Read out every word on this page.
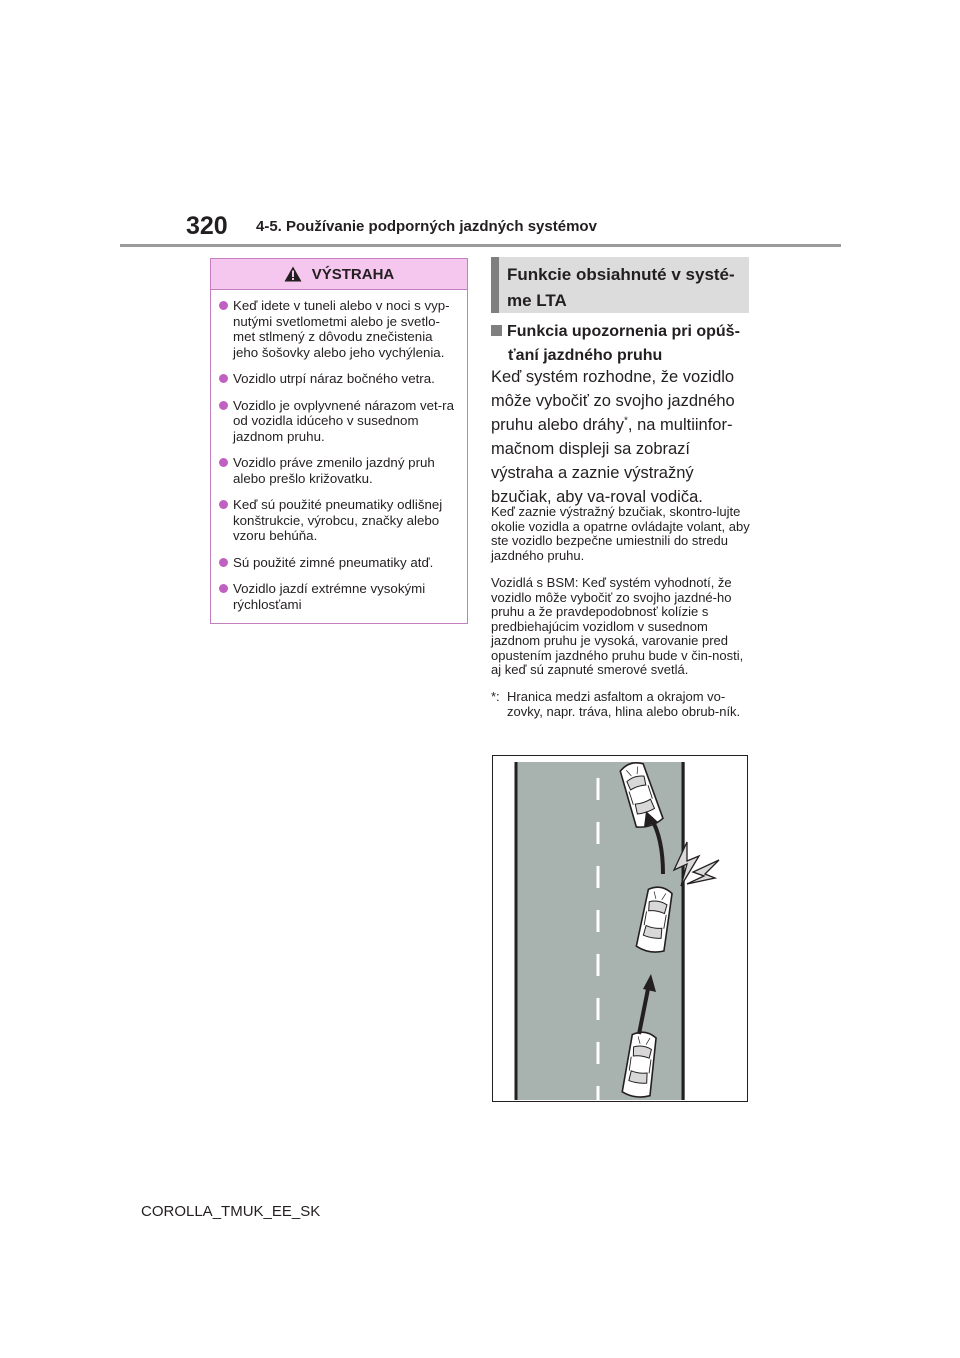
320 4-5. Používanie podporných jazdných systémov
VÝSTRAHA
Keď idete v tuneli alebo v noci s vyp-nutými svetlometmi alebo je svetlo-met stlmený z dôvodu znečistenia jeho šošovky alebo jeho vychýlenia.
Vozidlo utrpí náraz bočného vetra.
Vozidlo je ovplyvnené nárazom vet-ra od vozidla idúceho v susednom jazdnom pruhu.
Vozidlo práve zmenilo jazdný pruh alebo prešlo križovatku.
Keď sú použité pneumatiky odlišnej konštrukcie, výrobcu, značky alebo vzoru behúňa.
Sú použité zimné pneumatiky atď.
Vozidlo jazdí extrémne vysokými rýchlosťami
Funkcie obsiahnuté v systé-me LTA
Funkcia upozornenia pri opúš-
ťaní jazdného pruhu

Keď systém rozhodne, že vozidlo môže vybočiť zo svojho jazdného pruhu alebo dráhy*, na multiinfor-mačnom displeji sa zobrazí výstraha a zaznie výstražný bzučiak, aby va-roval vodiča.

Keď zaznie výstražný bzučiak, skontro-lujte okolie vozidla a opatrne ovládajte volant, aby ste vozidlo bezpečne umiestnili do stredu jazdného pruhu.

Vozidlá s BSM: Keď systém vyhodnotí, že vozidlo môže vybočiť zo svojho jazdné-ho pruhu a že pravdepodobnosť kolízie s predbiehajúcim vozidlom v susednom jazdnom pruhu je vysoká, varovanie pred opustením jazdného pruhu bude v čin-nosti, aj keď sú zapnuté smerové svetlá.

*: Hranica medzi asfaltom a okrajom vo-zovky, napr. tráva, hlina alebo obrub-ník.
COROLLA_TMUK_EE_SK
